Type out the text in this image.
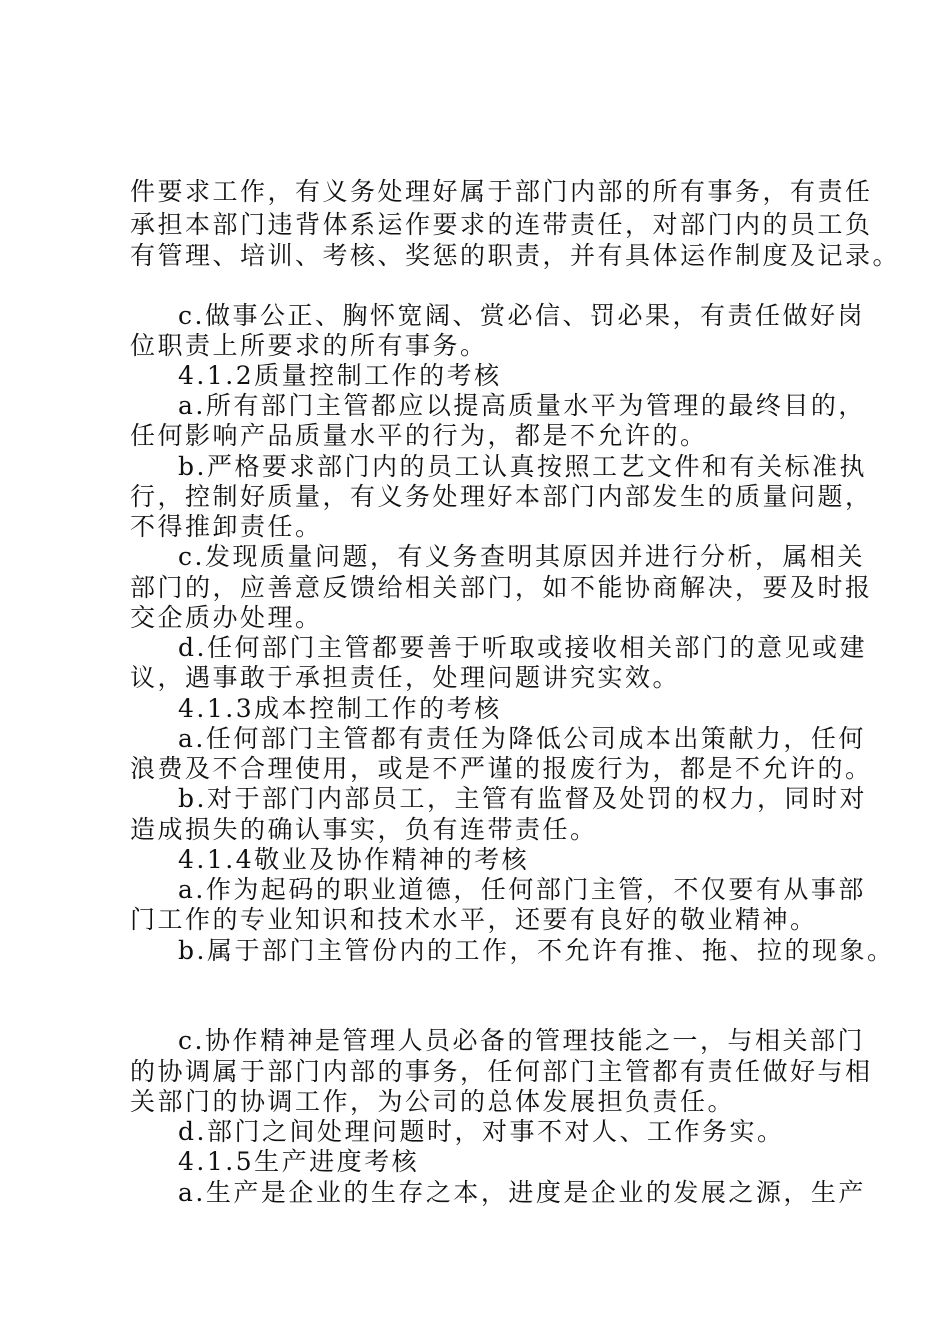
件要求工作，有义务处理好属于部门内部的所有事务，有责任
承担本部门违背体系运作要求的连带责任，对部门内的员工负
有管理、培训、考核、奖惩的职责，并有具体运作制度及记录。
c.做事公正、胸怀宽阔、赏必信、罚必果，有责任做好岗
位职责上所要求的所有事务。
4.1.2质量控制工作的考核
a.所有部门主管都应以提高质量水平为管理的最终目的，
任何影响产品质量水平的行为，都是不允许的。
b.严格要求部门内的员工认真按照工艺文件和有关标准执
行，控制好质量，有义务处理好本部门内部发生的质量问题，
不得推卸责任。
c.发现质量问题，有义务查明其原因并进行分析，属相关
部门的，应善意反馈给相关部门，如不能协商解决，要及时报
交企质办处理。
d.任何部门主管都要善于听取或接收相关部门的意见或建
议，遇事敢于承担责任，处理问题讲究实效。
4.1.3成本控制工作的考核
a.任何部门主管都有责任为降低公司成本出策献力，任何
浪费及不合理使用，或是不严谨的报废行为，都是不允许的。
b.对于部门内部员工，主管有监督及处罚的权力，同时对
造成损失的确认事实，负有连带责任。
4.1.4敬业及协作精神的考核
a.作为起码的职业道德，任何部门主管，不仅要有从事部
门工作的专业知识和技术水平，还要有良好的敬业精神。
b.属于部门主管份内的工作，不允许有推、拖、拉的现象。
c.协作精神是管理人员必备的管理技能之一，与相关部门
的协调属于部门内部的事务，任何部门主管都有责任做好与相
关部门的协调工作，为公司的总体发展担负责任。
d.部门之间处理问题时，对事不对人、工作务实。
4.1.5生产进度考核
a.生产是企业的生存之本，进度是企业的发展之源，生产
